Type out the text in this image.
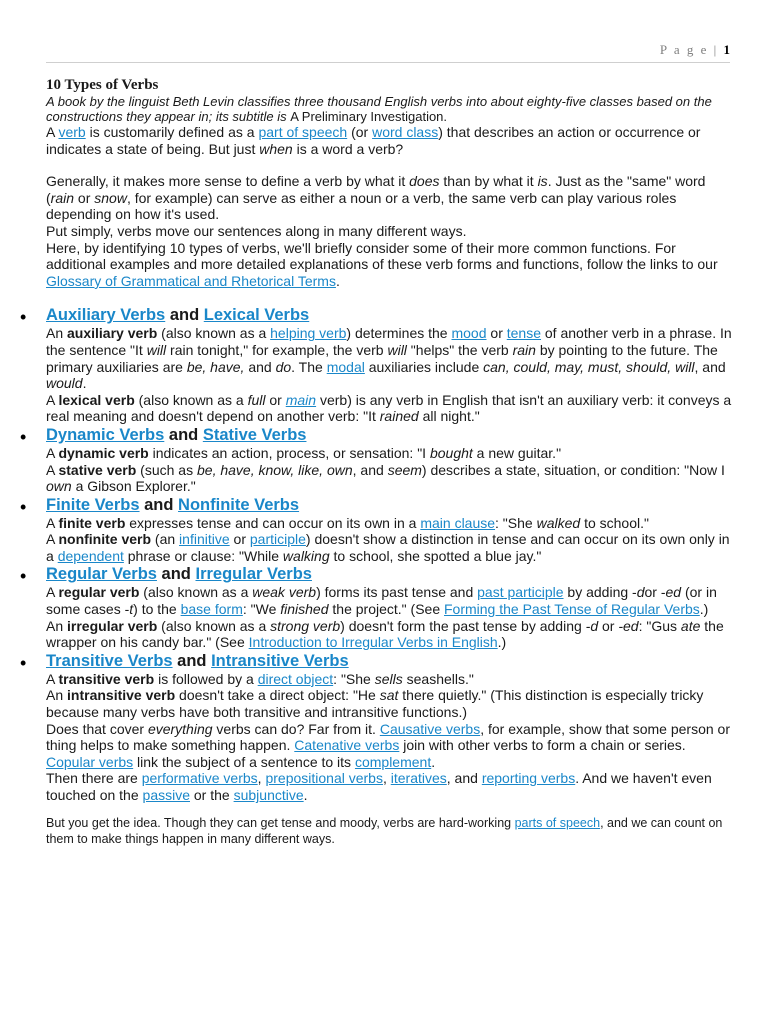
P a g e | 1
10 Types of Verbs

A book by the linguist Beth Levin classifies three thousand English verbs into about eighty-five classes based on the constructions they appear in; its subtitle is A Preliminary Investigation.

A verb is customarily defined as a part of speech (or word class) that describes an action or occurrence or indicates a state of being. But just when is a word a verb?

Generally, it makes more sense to define a verb by what it does than by what it is. Just as the "same" word (rain or snow, for example) can serve as either a noun or a verb, the same verb can play various roles depending on how it's used.

Put simply, verbs move our sentences along in many different ways.

Here, by identifying 10 types of verbs, we'll briefly consider some of their more common functions. For additional examples and more detailed explanations of these verb forms and functions, follow the links to our Glossary of Grammatical and Rhetorical Terms.

• Auxiliary Verbs and Lexical Verbs

An auxiliary verb (also known as a helping verb) determines the mood or tense of another verb in a phrase. In the sentence "It will rain tonight," for example, the verb will "helps" the verb rain by pointing to the future. The primary auxiliaries are be, have, and do. The modal auxiliaries include can, could, may, must, should, will, and would.

A lexical verb (also known as a full or main verb) is any verb in English that isn't an auxiliary verb: it conveys a real meaning and doesn't depend on another verb: "It rained all night."

• Dynamic Verbs and Stative Verbs

A dynamic verb indicates an action, process, or sensation: "I bought a new guitar."

A stative verb (such as be, have, know, like, own, and seem) describes a state, situation, or condition: "Now I own a Gibson Explorer."

• Finite Verbs and Nonfinite Verbs

A finite verb expresses tense and can occur on its own in a main clause: "She walked to school."

A nonfinite verb (an infinitive or participle) doesn't show a distinction in tense and can occur on its own only in a dependent phrase or clause: "While walking to school, she spotted a blue jay."

• Regular Verbs and Irregular Verbs

A regular verb (also known as a weak verb) forms its past tense and past participle by adding -dor -ed (or in some cases -t) to the base form: "We finished the project." (See Forming the Past Tense of Regular Verbs.)

An irregular verb (also known as a strong verb) doesn't form the past tense by adding -d or -ed: "Gus ate the wrapper on his candy bar." (See Introduction to Irregular Verbs in English.)

• Transitive Verbs and Intransitive Verbs

A transitive verb is followed by a direct object: "She sells seashells."

An intransitive verb doesn't take a direct object: "He sat there quietly." (This distinction is especially tricky because many verbs have both transitive and intransitive functions.)

Does that cover everything verbs can do? Far from it. Causative verbs, for example, show that some person or thing helps to make something happen. Catenative verbs join with other verbs to form a chain or series. Copular verbs link the subject of a sentence to its complement.

Then there are performative verbs, prepositional verbs, iteratives, and reporting verbs. And we haven't even touched on the passive or the subjunctive.

But you get the idea. Though they can get tense and moody, verbs are hard-working parts of speech, and we can count on them to make things happen in many different ways.
